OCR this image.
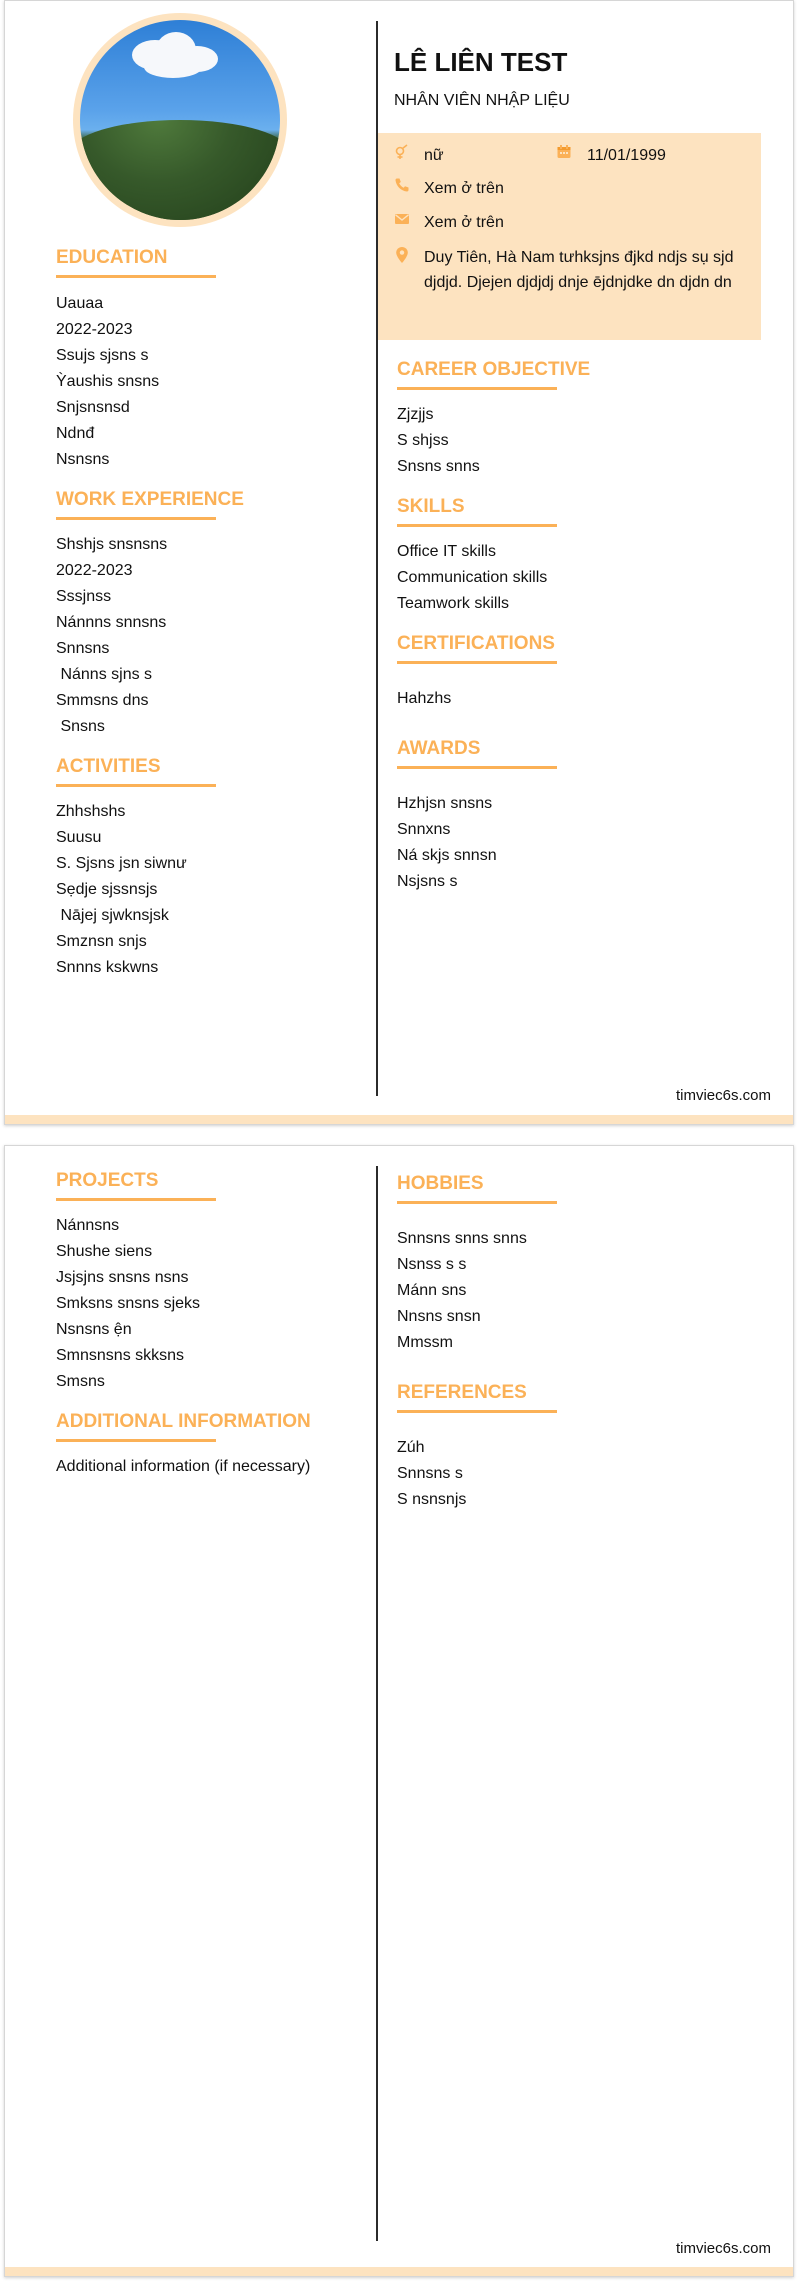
LÊ LIÊN TEST
NHÂN VIÊN NHẬP LIỆU
nữ	11/01/1999
Xem ở trên
Xem ở trên
Duy Tiên, Hà Nam tưhksjns đjkd ndjs sụ sjd djdjd. Djejen djdjdj dnje ējdnjdke dn djdn dn
EDUCATION
Uauaa
2022-2023
Ssujs sjsns s
Ỳaushis snsns
Snjsnsnsd
Ndnđ
Nsnsns
WORK EXPERIENCE
Shshjs snsnsns
2022-2023
Sssjnss
Nánnns snnsns
Snnsns
Nánns sjns s
Smmsns dns
Snsns
ACTIVITIES
Zhhshshs
Suusu
S. Sjsns jsn siwnư
Sẹdje sjssnsjs
Nājej sjwknsjsk
Smznsn snjs
Snnns kskwns
CAREER OBJECTIVE
Zjzjjs
S shjss
Snsns snns
SKILLS
Office IT skills
Communication skills
Teamwork skills
CERTIFICATIONS
Hahzhs
AWARDS
Hzhjsn snsns
Snnxns
Ná skjs snnsn
Nsjsns s
timviec6s.com
PROJECTS
Nánnsns
Shushe siens
Jsjsjns snsns nsns
Smksns snsns sjeks
Nsnsns ện
Smnsnsns skksns
Smsns
ADDITIONAL INFORMATION
Additional information (if necessary)
HOBBIES
Snnsns snns snns
Nsnss s s
Mánn sns
Nnsns snsn
Mmssm
REFERENCES
Zúh
Snnsns s
S nsnsnjs
timviec6s.com
